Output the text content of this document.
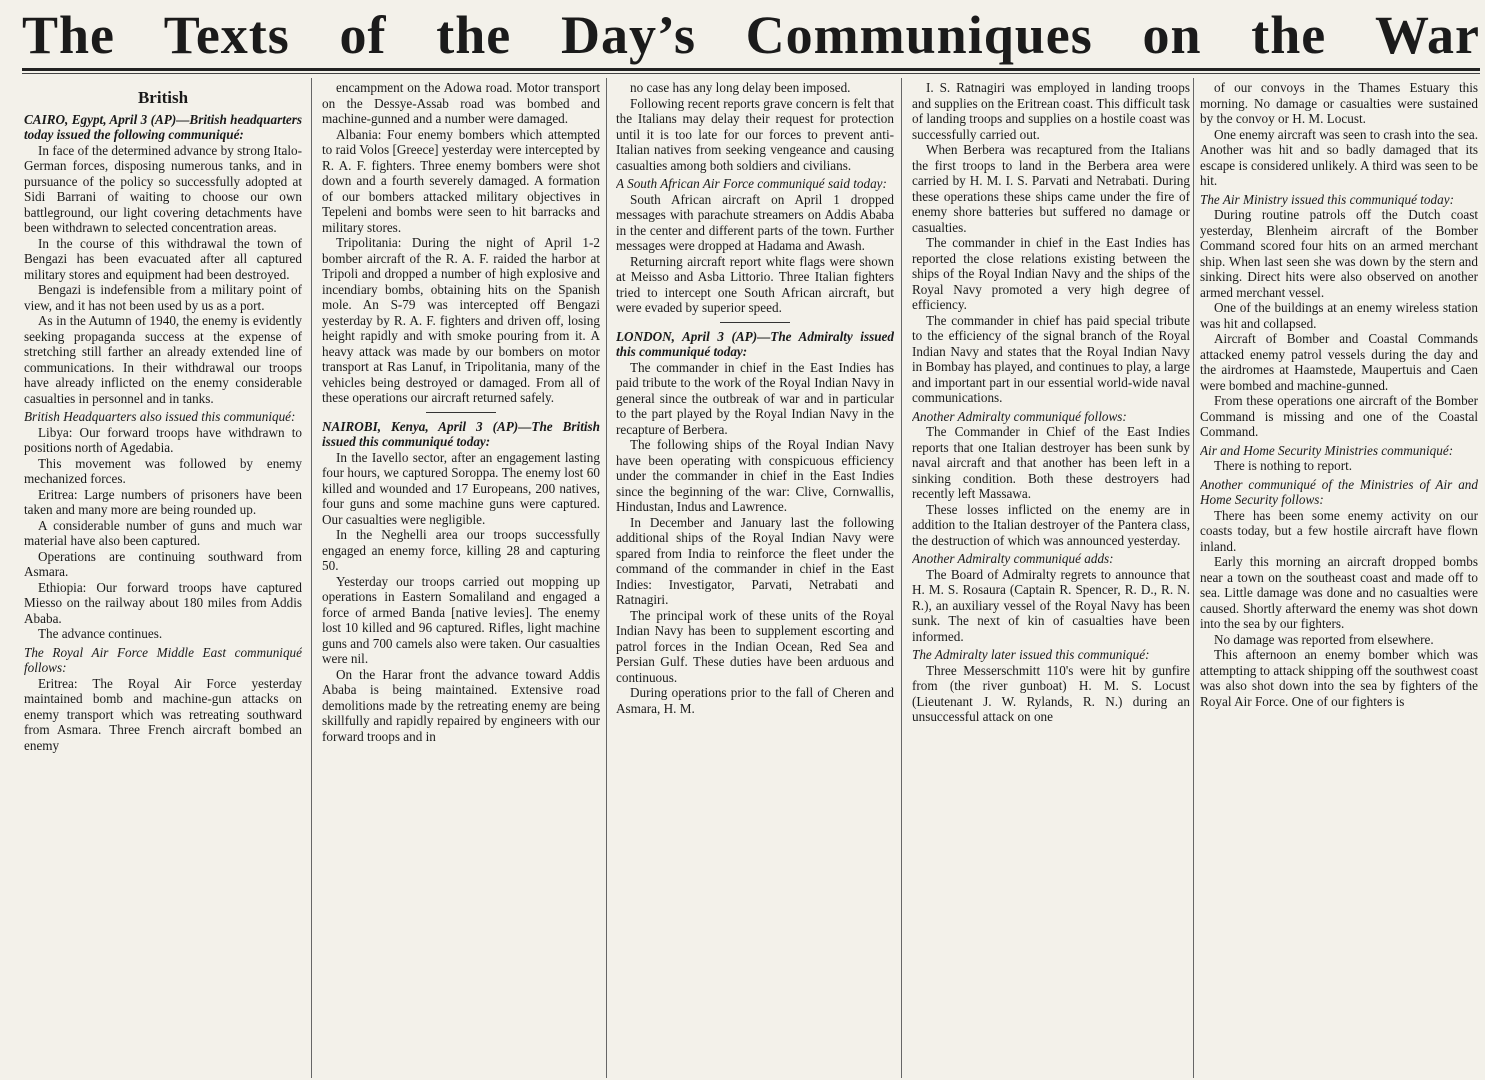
The Texts of the Day’s Communiques on the War
British

CAIRO, Egypt, April 3 (AP)—British headquarters today issued the following communiqué:

In face of the determined advance by strong Italo-German forces, disposing numerous tanks, and in pursuance of the policy so successfully adopted at Sidi Barrani of waiting to choose our own battleground, our light covering detachments have been withdrawn to selected concentration areas.

In the course of this withdrawal the town of Bengazi has been evacuated after all captured military stores and equipment had been destroyed.

Bengazi is indefensible from a military point of view, and it has not been used by us as a port.

As in the Autumn of 1940, the enemy is evidently seeking propaganda success at the expense of stretching still farther an already extended line of communications. In their withdrawal our troops have already inflicted on the enemy considerable casualties in personnel and in tanks.

British Headquarters also issued this communiqué:

Libya: Our forward troops have withdrawn to positions north of Agedabia.

This movement was followed by enemy mechanized forces.

Eritrea: Large numbers of prisoners have been taken and many more are being rounded up.

A considerable number of guns and much war material have also been captured.

Operations are continuing southward from Asmara.

Ethiopia: Our forward troops have captured Miesso on the railway about 180 miles from Addis Ababa.

The advance continues.

The Royal Air Force Middle East communiqué follows:

Eritrea: The Royal Air Force yesterday maintained bomb and machine-gun attacks on enemy transport which was retreating southward from Asmara. Three French aircraft bombed an enemy

encampment on the Adowa road. Motor transport on the Dessye-Assab road was bombed and machine-gunned and a number were damaged.

Albania: Four enemy bombers which attempted to raid Volos [Greece] yesterday were intercepted by R. A. F. fighters. Three enemy bombers were shot down and a fourth severely damaged. A formation of our bombers attacked military objectives in Tepeleni and bombs were seen to hit barracks and military stores.

Tripolitania: During the night of April 1-2 bomber aircraft of the R. A. F. raided the harbor at Tripoli and dropped a number of high explosive and incendiary bombs, obtaining hits on the Spanish mole. An S-79 was intercepted off Bengazi yesterday by R. A. F. fighters and driven off, losing height rapidly and with smoke pouring from it. A heavy attack was made by our bombers on motor transport at Ras Lanuf, in Tripolitania, many of the vehicles being destroyed or damaged. From all of these operations our aircraft returned safely.

NAIROBI, Kenya, April 3 (AP)—The British issued this communiqué today:

In the Iavello sector, after an engagement lasting four hours, we captured Soroppa. The enemy lost 60 killed and wounded and 17 Europeans, 200 natives, four guns and some machine guns were captured. Our casualties were negligible.

In the Neghelli area our troops successfully engaged an enemy force, killing 28 and capturing 50.

Yesterday our troops carried out mopping up operations in Eastern Somaliland and engaged a force of armed Banda [native levies]. The enemy lost 10 killed and 96 captured. Rifles, light machine guns and 700 camels also were taken. Our casualties were nil.

On the Harar front the advance toward Addis Ababa is being maintained. Extensive road demolitions made by the retreating enemy are being skillfully and rapidly repaired by engineers with our forward troops and in

no case has any long delay been imposed.

Following recent reports grave concern is felt that the Italians may delay their request for protection until it is too late for our forces to prevent anti-Italian natives from seeking vengeance and causing casualties among both soldiers and civilians.

A South African Air Force communiqué said today:

South African aircraft on April 1 dropped messages with parachute streamers on Addis Ababa in the center and different parts of the town. Further messages were dropped at Hadama and Awash.

Returning aircraft report white flags were shown at Meisso and Asba Littorio. Three Italian fighters tried to intercept one South African aircraft, but were evaded by superior speed.

LONDON, April 3 (AP)—The Admiralty issued this communiqué today:

The commander in chief in the East Indies has paid tribute to the work of the Royal Indian Navy in general since the outbreak of war and in particular to the part played by the Royal Indian Navy in the recapture of Berbera.

The following ships of the Royal Indian Navy have been operating with conspicuous efficiency under the commander in chief in the East Indies since the beginning of the war: Clive, Cornwallis, Hindustan, Indus and Lawrence.

In December and January last the following additional ships of the Royal Indian Navy were spared from India to reinforce the fleet under the command of the commander in chief in the East Indies: Investigator, Parvati, Netrabati and Ratnagiri.

The principal work of these units of the Royal Indian Navy has been to supplement escorting and patrol forces in the Indian Ocean, Red Sea and Persian Gulf. These duties have been arduous and continuous.

During operations prior to the fall of Cheren and Asmara, H. M.

I. S. Ratnagiri was employed in landing troops and supplies on the Eritrean coast. This difficult task of landing troops and supplies on a hostile coast was successfully carried out.

When Berbera was recaptured from the Italians the first troops to land in the Berbera area were carried by H. M. I. S. Parvati and Netrabati. During these operations these ships came under the fire of enemy shore batteries but suffered no damage or casualties.

The commander in chief in the East Indies has reported the close relations existing between the ships of the Royal Indian Navy and the ships of the Royal Navy promoted a very high degree of efficiency.

The commander in chief has paid special tribute to the efficiency of the signal branch of the Royal Indian Navy and states that the Royal Indian Navy in Bombay has played, and continues to play, a large and important part in our essential world-wide naval communications.

Another Admiralty communiqué follows:

The Commander in Chief of the East Indies reports that one Italian destroyer has been sunk by naval aircraft and that another has been left in a sinking condition. Both these destroyers had recently left Massawa.

These losses inflicted on the enemy are in addition to the Italian destroyer of the Pantera class, the destruction of which was announced yesterday.

Another Admiralty communiqué adds:

The Board of Admiralty regrets to announce that H. M. S. Rosaura (Captain R. Spencer, R. D., R. N. R.), an auxiliary vessel of the Royal Navy has been sunk. The next of kin of casualties have been informed.

The Admiralty later issued this communiqué:

Three Messerschmitt 110's were hit by gunfire from (the river gunboat) H. M. S. Locust (Lieutenant J. W. Rylands, R. N.) during an unsuccessful attack on one

of our convoys in the Thames Estuary this morning. No damage or casualties were sustained by the convoy or H. M. Locust.

One enemy aircraft was seen to crash into the sea. Another was hit and so badly damaged that its escape is considered unlikely. A third was seen to be hit.

The Air Ministry issued this communiqué today:

During routine patrols off the Dutch coast yesterday, Blenheim aircraft of the Bomber Command scored four hits on an armed merchant ship. When last seen she was down by the stern and sinking. Direct hits were also observed on another armed merchant vessel.

One of the buildings at an enemy wireless station was hit and collapsed.

Aircraft of Bomber and Coastal Commands attacked enemy patrol vessels during the day and the airdromes at Haamstede, Maupertuis and Caen were bombed and machine-gunned.

From these operations one aircraft of the Bomber Command is missing and one of the Coastal Command.

Air and Home Security Ministries communiqué:

There is nothing to report.

Another communiqué of the Ministries of Air and Home Security follows:

There has been some enemy activity on our coasts today, but a few hostile aircraft have flown inland.

Early this morning an aircraft dropped bombs near a town on the southeast coast and made off to sea. Little damage was done and no casualties were caused. Shortly afterward the enemy was shot down into the sea by our fighters.

No damage was reported from elsewhere.

This afternoon an enemy bomber which was attempting to attack shipping off the southwest coast was also shot down into the sea by fighters of the Royal Air Force. One of our fighters is
